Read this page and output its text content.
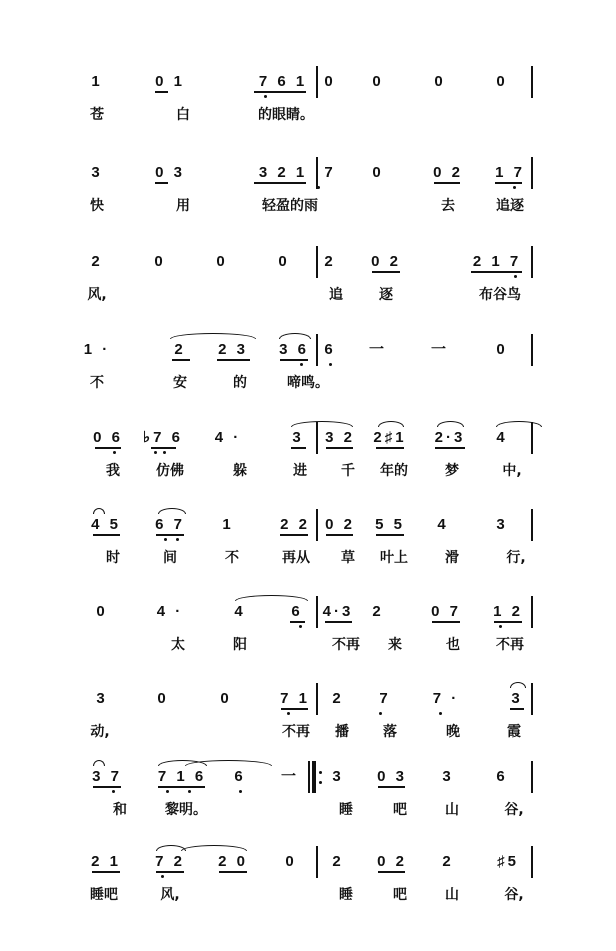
1	0 1	7 6 1	0	0	0	0
苍	白	的眼睛。
3	0 3	3 2 1	7	0	0 2	1 7
快	用	轻盈的雨	去	追逐
2	0	0	0	2	0 2	2 1 7
风,	追	逐	布谷鸟
1 ·	2	2 3	3 6	6	一	一	0
不	安	的	啼鸣。
0 6	♭7 6	4 ·	3	3 2	2♯1	2·3	4
我	仿佛	躲	进	千	年的	梦	中,
4 5	6 7	1	2 2	0 2	5 5	4	3
时	间	不	再从	草	叶上	滑	行,
0	4 ·	4	6	4·3	2	0 7	1 2
太	阳	不再	来	也	不再
3	0	0	7 1	2	7	7 ·	3
动,	不再	播	落	晚	霞
3 7	7 1 6	6	一	3	0 3	3	6
和	黎明。	睡	吧	山	谷,
2 1	7 2	2 0	0	2	0 2	2	♯5
睡吧	风,	睡	吧	山	谷,
